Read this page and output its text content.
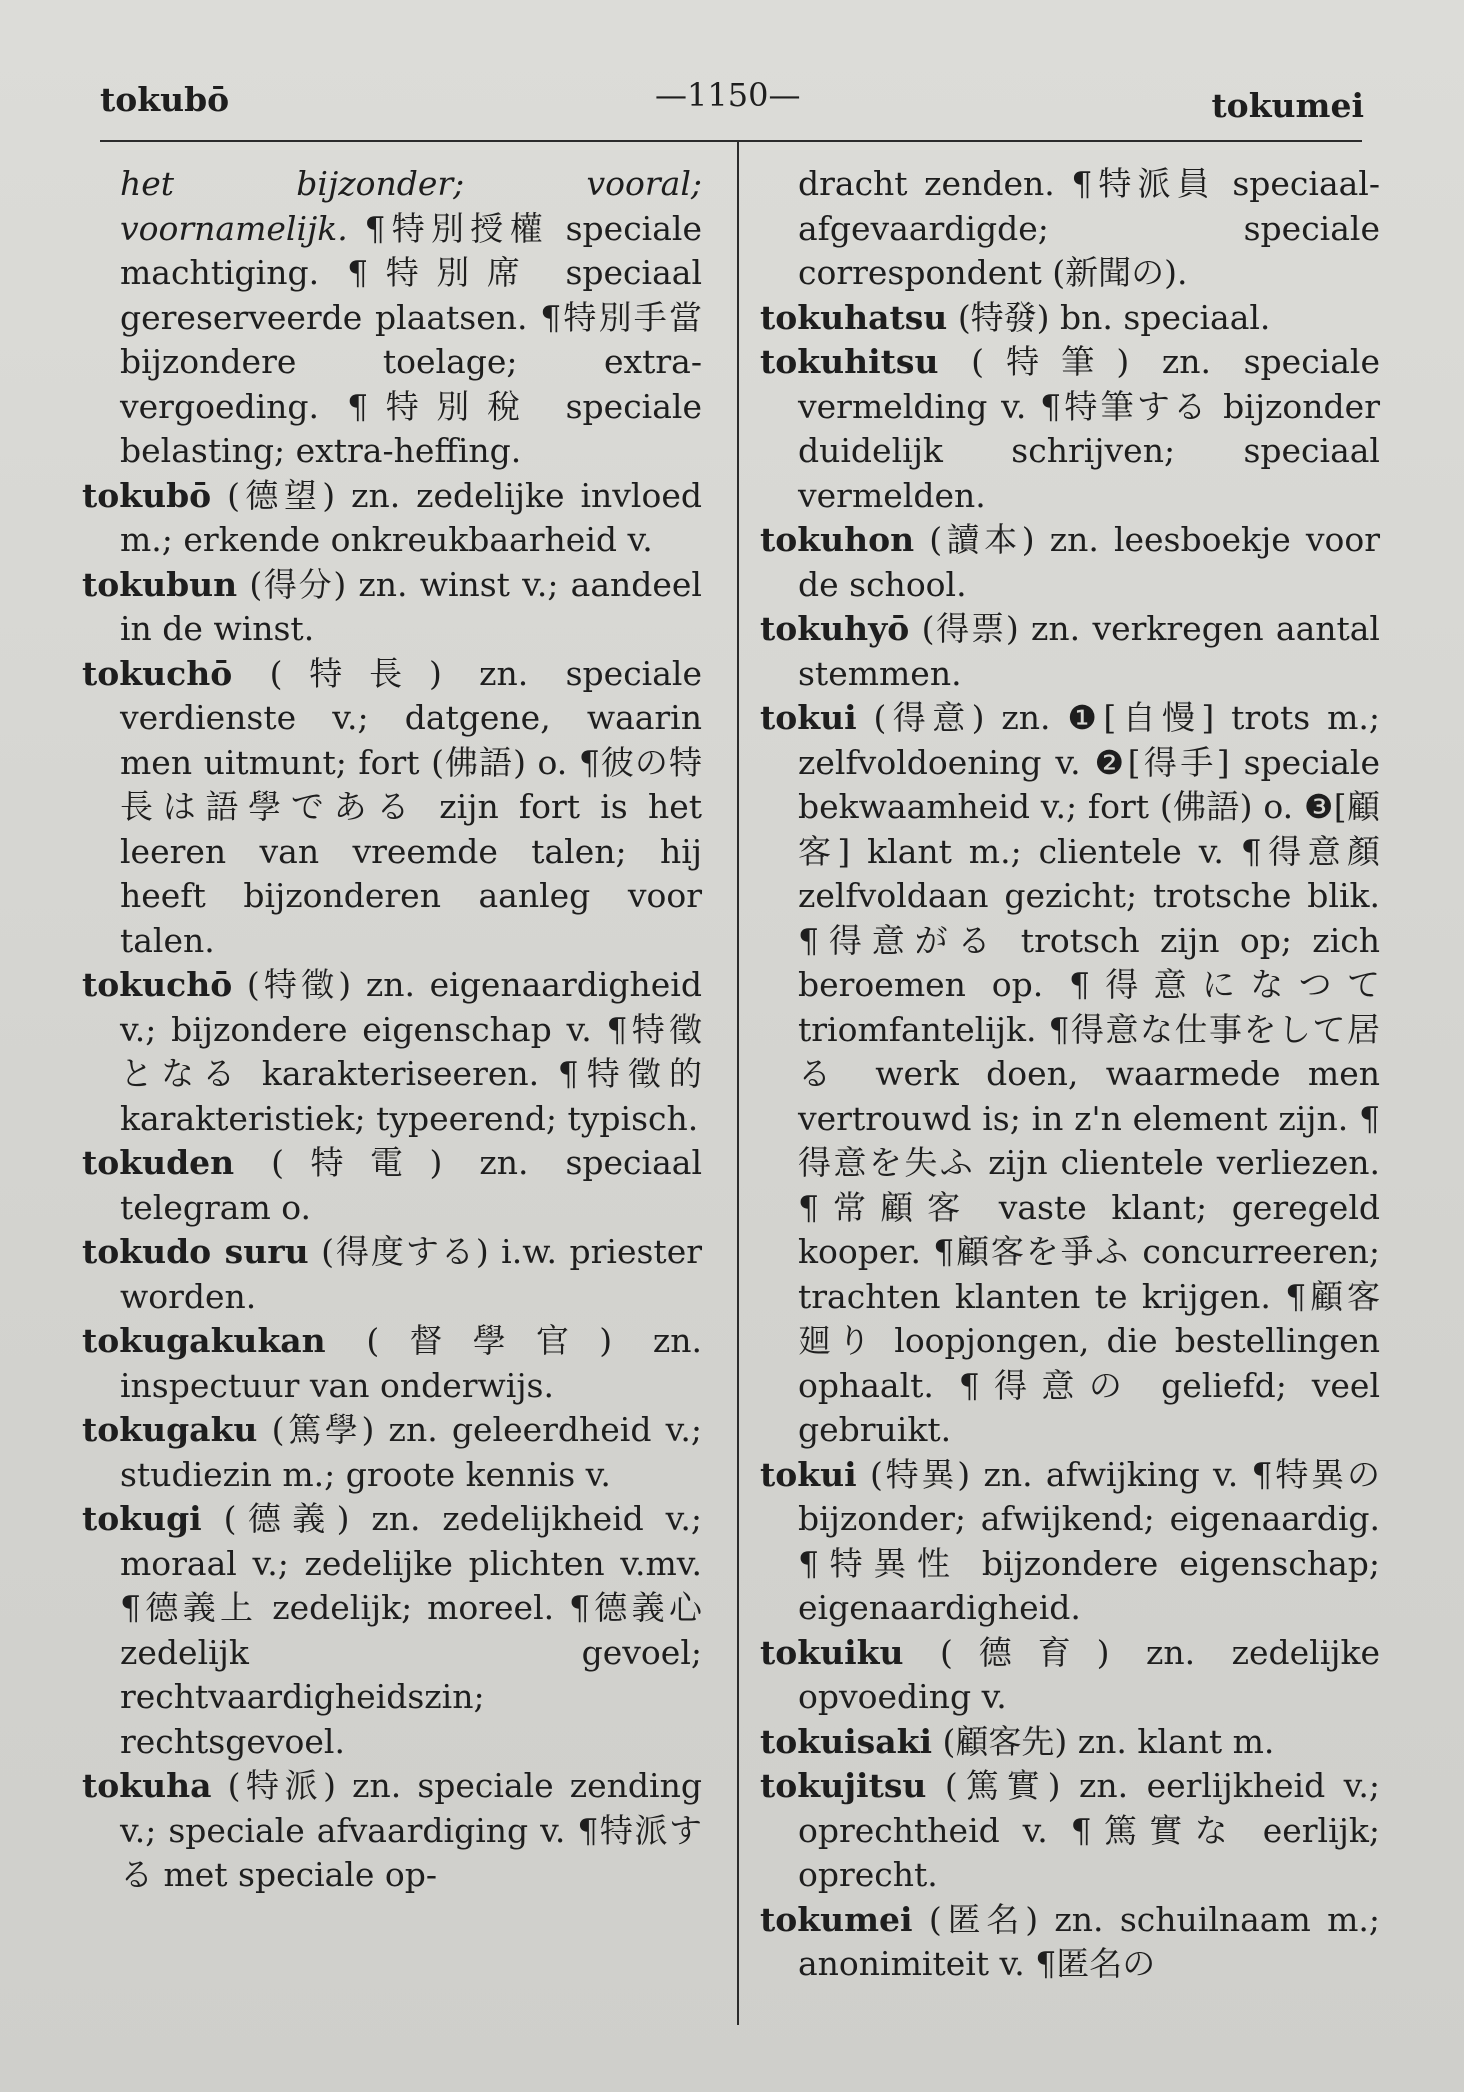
tokubō	—1150—	tokumei

het bijzonder; vooral; voornamelijk. ¶特別授權 speciale machtiging. ¶特別席 speciaal gereserveerde plaatsen. ¶特別手當 bijzondere toelage; extra-vergoeding. ¶特別稅 speciale belasting; extra-heffing.

tokubō (德望) zn. zedelijke invloed m.; erkende onkreukbaarheid v.

tokubun (得分) zn. winst v.; aandeel in de winst.

tokuchō (特長) zn. speciale verdienste v.; datgene, waarin men uitmunt; fort (佛語) o. ¶彼の特長は語學である zijn fort is het leeren van vreemde talen; hij heeft bijzonderen aanleg voor talen.

tokuchō (特徵) zn. eigenaardigheid v.; bijzondere eigenschap v. ¶特徵となる karakteriseeren. ¶特徵的 karakteristiek; typeerend; typisch.

tokuden (特電) zn. speciaal telegram o.

tokudo suru (得度する) i.w. priester worden.

tokugakukan (督學官) zn. inspectuur van onderwijs.

tokugaku (篤學) zn. geleerdheid v.; studiezin m.; groote kennis v.

tokugi (德義) zn. zedelijkheid v.; moraal v.; zedelijke plichten v.mv. ¶德義上 zedelijk; moreel. ¶德義心 zedelijk gevoel; rechtvaardigheidszin; rechtsgevoel.

tokuha (特派) zn. speciale zending v.; speciale afvaardiging v. ¶特派する met speciale op-

dracht zenden. ¶特派員 speciaal-afgevaardigde; speciale correspondent (新聞の).

tokuhatsu (特發) bn. speciaal.

tokuhitsu (特筆) zn. speciale vermelding v. ¶特筆する bijzonder duidelijk schrijven; speciaal vermelden.

tokuhon (讀本) zn. leesboekje voor de school.

tokuhyō (得票) zn. verkregen aantal stemmen.

tokui (得意) zn. ❶[自慢] trots m.; zelfvoldoening v. ❷[得手] speciale bekwaamheid v.; fort (佛語) o. ❸[顧客] klant m.; clientele v. ¶得意顏 zelfvoldaan gezicht; trotsche blik. ¶得意がる trotsch zijn op; zich beroemen op. ¶得意になつて triomfantelijk. ¶得意な仕事をして居る werk doen, waarmede men vertrouwd is; in z'n element zijn. ¶得意を失ふ zijn clientele verliezen. ¶常顧客 vaste klant; geregeld kooper. ¶顧客を爭ふ concurreeren; trachten klanten te krijgen. ¶顧客廻り loopjongen, die bestellingen ophaalt. ¶得意の geliefd; veel gebruikt.

tokui (特異) zn. afwijking v. ¶特異の bijzonder; afwijkend; eigenaardig. ¶特異性 bijzondere eigenschap; eigenaardigheid.

tokuiku (德育) zn. zedelijke opvoeding v.

tokuisaki (顧客先) zn. klant m.

tokujitsu (篤實) zn. eerlijkheid v.; oprechtheid v. ¶篤實な eerlijk; oprecht.

tokumei (匿名) zn. schuilnaam m.; anonimiteit v. ¶匿名の
